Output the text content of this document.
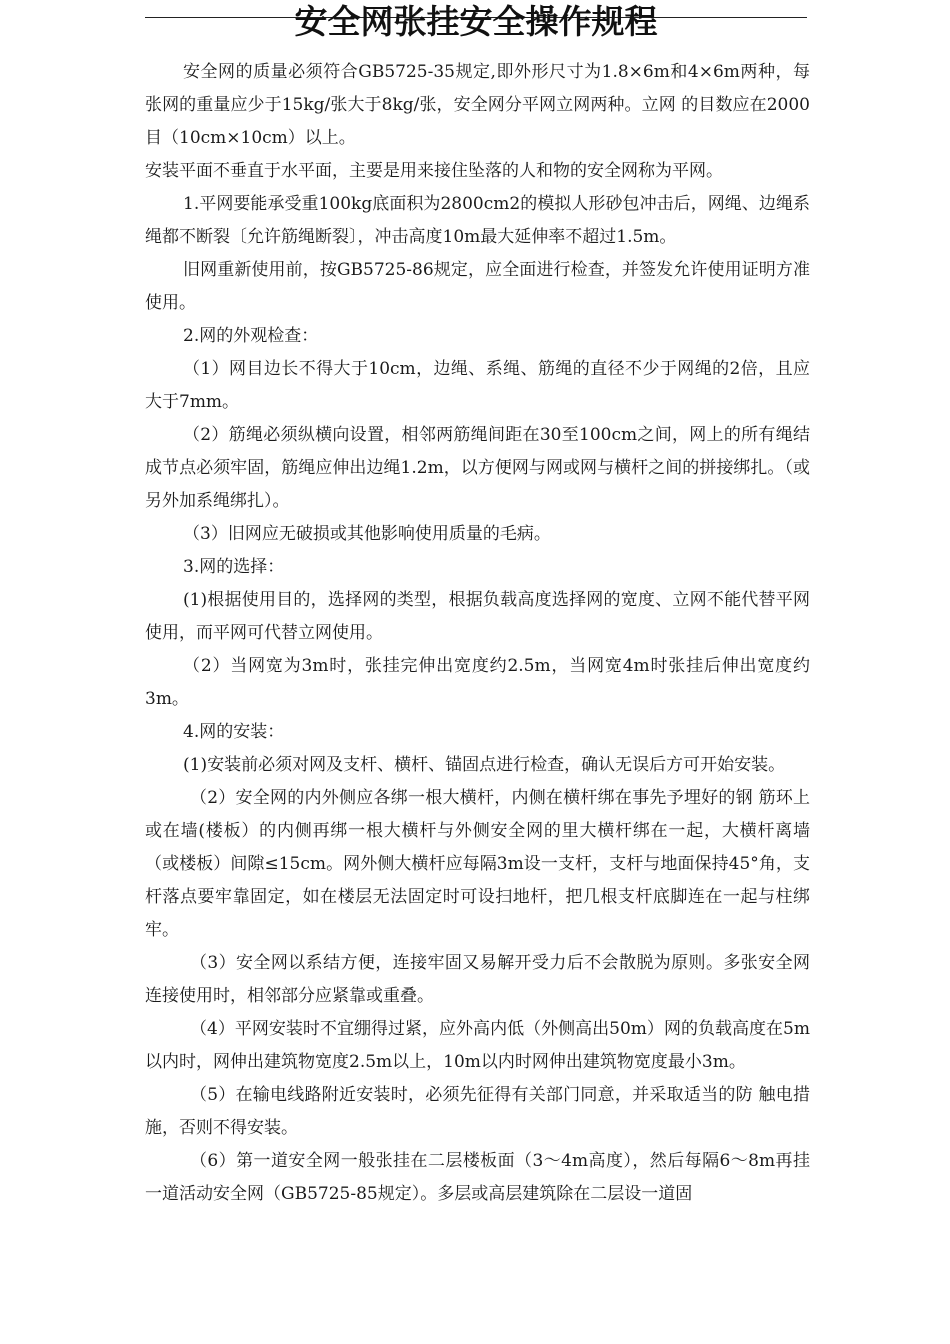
安全网张挂安全操作规程

安全网的质量必须符合GB5725-35规定,即外形尺寸为1.8×6m和4×6m两种，每张网的重量应少于15kg/张大于8kg/张，安全网分平网立网两种。立网 的目数应在2000目（10cm×10cm）以上。

安装平面不垂直于水平面，主要是用来接住坠落的人和物的安全网称为平网。

1.平网要能承受重100kg底面积为2800cm2的模拟人形砂包冲击后，网绳、边绳系绳都不断裂〔允许筋绳断裂〕，冲击高度10m最大延伸率不超过1.5m。

旧网重新使用前，按GB5725-86规定，应全面进行检查，并签发允许使用证明方准使用。

2.网的外观检查：

（1）网目边长不得大于10cm，边绳、系绳、筋绳的直径不少于网绳的2倍，且应大于7mm。

（2）筋绳必须纵横向设置，相邻两筋绳间距在30至100cm之间，网上的所有绳结成节点必须牢固，筋绳应伸出边绳1.2m，以方便网与网或网与横杆之间的拼接绑扎。（或另外加系绳绑扎）。

（3）旧网应无破损或其他影响使用质量的毛病。

3.网的选择：

(1)根据使用目的，选择网的类型，根据负载高度选择网的宽度、立网不能代替平网使用，而平网可代替立网使用。

（2）当网宽为3m时，张挂完伸出宽度约2.5m，当网宽4m时张挂后伸出宽度约3m。

4.网的安装：

(1)安装前必须对网及支杆、横杆、锚固点进行检查，确认无误后方可开始安装。

（2）安全网的内外侧应各绑一根大横杆，内侧在横杆绑在事先予埋好的钢 筋环上或在墙(楼板）的内侧再绑一根大横杆与外侧安全网的里大横杆绑在一起，大横杆离墙（或楼板）间隙≤15cm。网外侧大横杆应每隔3m设一支杆，支杆与地面保持45°角，支杆落点要牢靠固定，如在楼层无法固定时可设扫地杆，把几根支杆底脚连在一起与柱绑牢。

（3）安全网以系结方便，连接牢固又易解开受力后不会散脱为原则。多张安全网连接使用时，相邻部分应紧靠或重叠。

（4）平网安装时不宜绷得过紧，应外高内低（外侧高出50m）网的负载高度在5m以内时，网伸出建筑物宽度2.5m以上，10m以内时网伸出建筑物宽度最小3m。

（5）在输电线路附近安装时，必须先征得有关部门同意，并采取适当的防 触电措施，否则不得安装。

（6）第一道安全网一般张挂在二层楼板面（3〜4m高度），然后每隔6〜8m再挂一道活动安全网（GB5725-85规定）。多层或高层建筑除在二层设一道固
